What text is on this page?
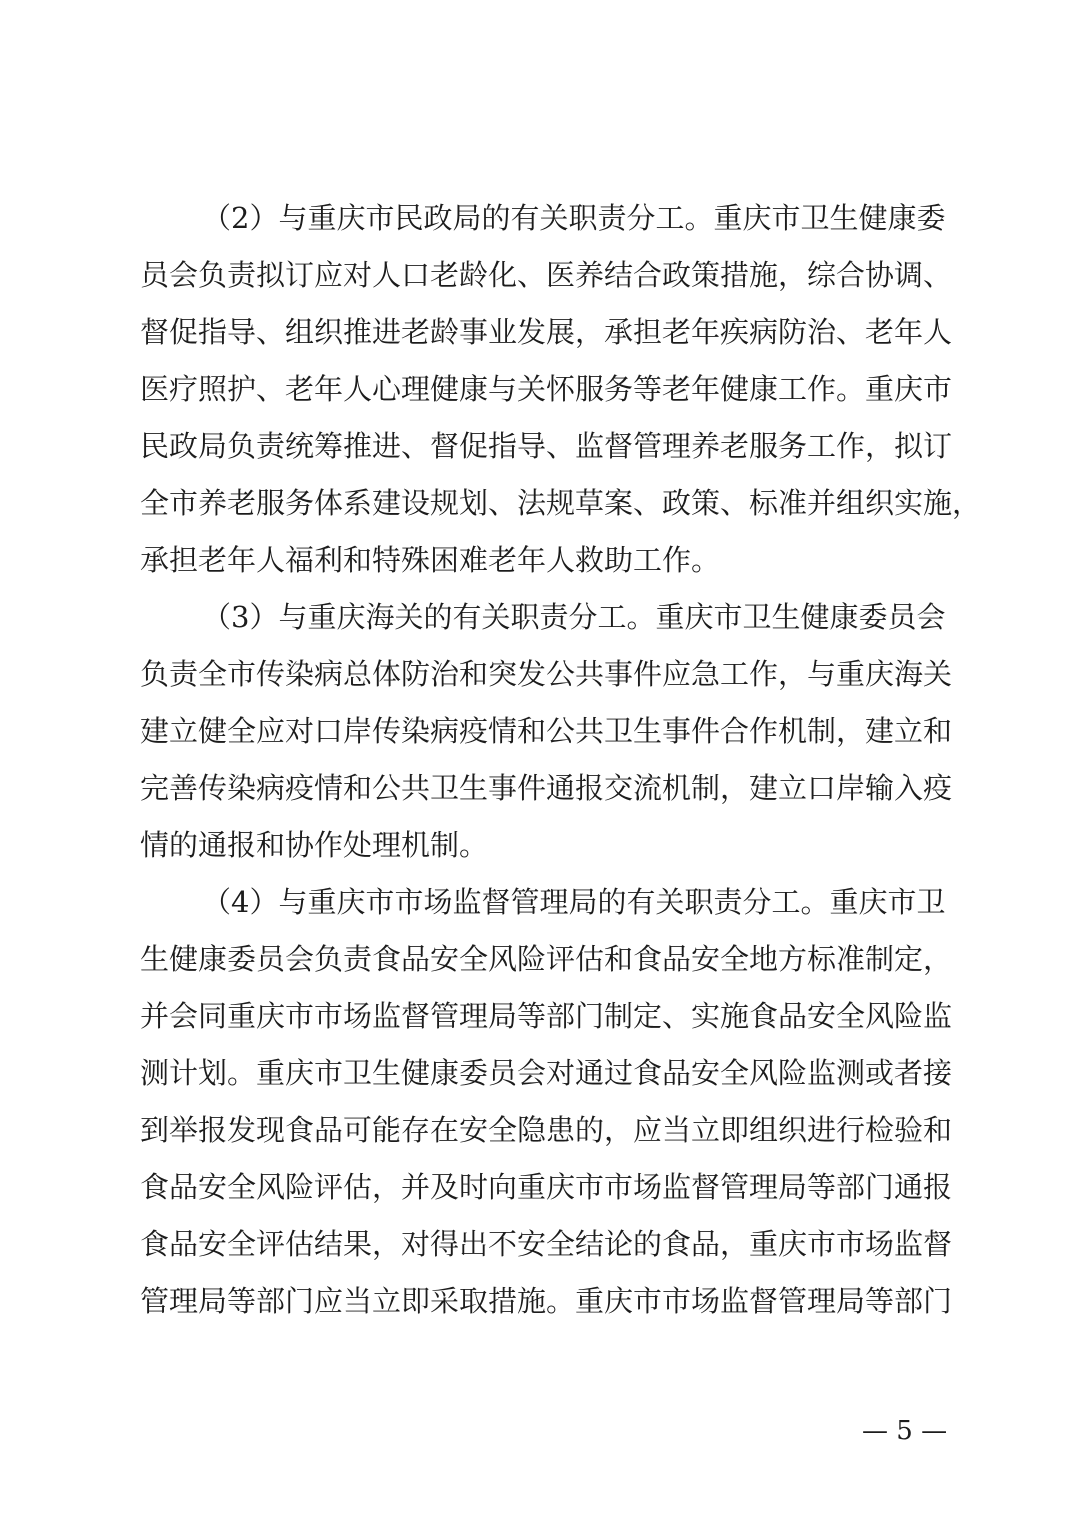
（2）与重庆市民政局的有关职责分工。重庆市卫生健康委
员会负责拟订应对人口老龄化、医养结合政策措施，综合协调、
督促指导、组织推进老龄事业发展，承担老年疾病防治、老年人
医疗照护、老年人心理健康与关怀服务等老年健康工作。重庆市
民政局负责统筹推进、督促指导、监督管理养老服务工作，拟订
全市养老服务体系建设规划、法规草案、政策、标准并组织实施，
承担老年人福利和特殊困难老年人救助工作。
（3）与重庆海关的有关职责分工。重庆市卫生健康委员会
负责全市传染病总体防治和突发公共事件应急工作，与重庆海关
建立健全应对口岸传染病疫情和公共卫生事件合作机制，建立和
完善传染病疫情和公共卫生事件通报交流机制，建立口岸输入疫
情的通报和协作处理机制。
（4）与重庆市市场监督管理局的有关职责分工。重庆市卫
生健康委员会负责食品安全风险评估和食品安全地方标准制定，
并会同重庆市市场监督管理局等部门制定、实施食品安全风险监
测计划。重庆市卫生健康委员会对通过食品安全风险监测或者接
到举报发现食品可能存在安全隐患的，应当立即组织进行检验和
食品安全风险评估，并及时向重庆市市场监督管理局等部门通报
食品安全评估结果，对得出不安全结论的食品，重庆市市场监督
管理局等部门应当立即采取措施。重庆市市场监督管理局等部门
— 5 —
